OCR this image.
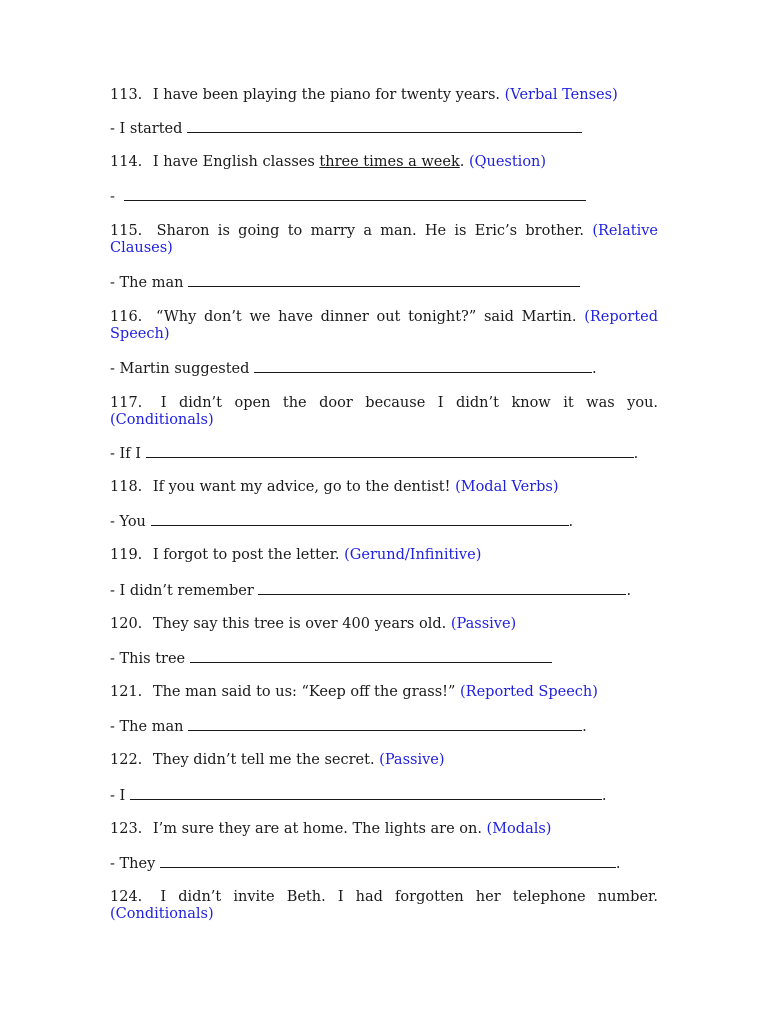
113. I have been playing the piano for twenty years. (Verbal Tenses)
- I started
114. I have English classes three times a week. (Question)
-
115. Sharon is going to marry a man. He is Eric’s brother. (Relative Clauses)
- The man
116. “Why don’t we have dinner out tonight?” said Martin. (Reported Speech)
- Martin suggested	.
117. I didn’t open the door because I didn’t know it was you. (Conditionals)
- If I	.
118. If you want my advice, go to the dentist! (Modal Verbs)
- You	.
119. I forgot to post the letter. (Gerund/Infinitive)
- I didn’t remember	.
120. They say this tree is over 400 years old. (Passive)
- This tree
121. The man said to us: “Keep off the grass!” (Reported Speech)
- The man	.
122. They didn’t tell me the secret. (Passive)
- I	.
123. I’m sure they are at home. The lights are on. (Modals)
- They	.
124. I didn’t invite Beth. I had forgotten her telephone number. (Conditionals)
